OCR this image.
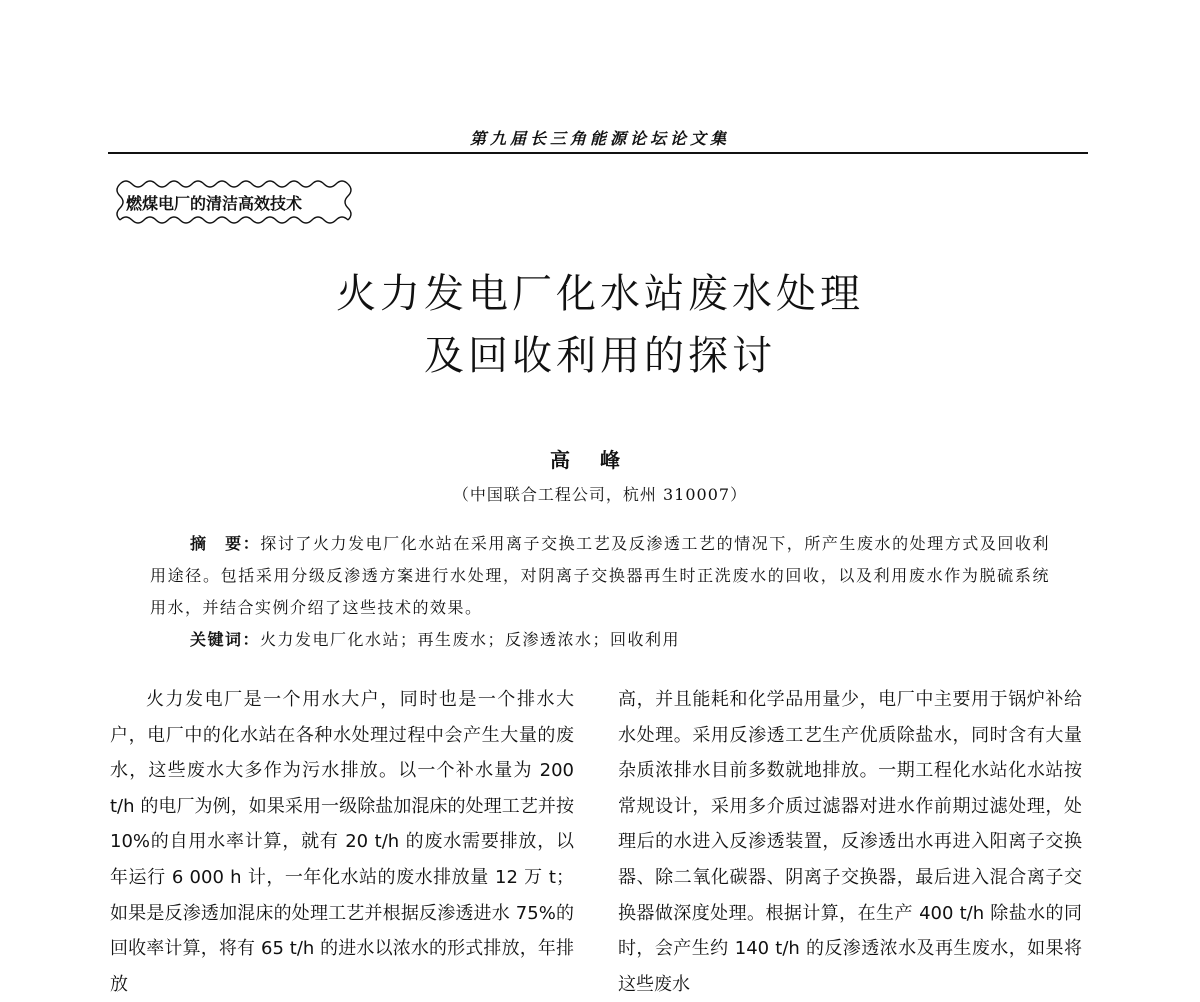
第九届长三角能源论坛论文集
燃煤电厂的清洁高效技术
火力发电厂化水站废水处理
及回收利用的探讨
高峰
（中国联合工程公司，杭州 310007）
摘　要：探讨了火力发电厂化水站在采用离子交换工艺及反渗透工艺的情况下，所产生废水的处理方式及回收利用途径。包括采用分级反渗透方案进行水处理，对阴离子交换器再生时正洗废水的回收，以及利用废水作为脱硫系统用水，并结合实例介绍了这些技术的效果。
关键词：火力发电厂化水站；再生废水；反渗透浓水；回收利用

火力发电厂是一个用水大户，同时也是一个排水大户，电厂中的化水站在各种水处理过程中会产生大量的废水，这些废水大多作为污水排放。以一个补水量为 200 t/h 的电厂为例，如果采用一级除盐加混床的处理工艺并按 10%的自用水率计算，就有 20 t/h 的废水需要排放，以年运行 6 000 h 计，一年化水站的废水排放量 12 万 t；如果是反渗透加混床的处理工艺并根据反渗透进水 75%的回收率计算，将有 65 t/h 的进水以浓水的形式排放，年排放

高，并且能耗和化学品用量少，电厂中主要用于锅炉补给水处理。采用反渗透工艺生产优质除盐水，同时含有大量杂质浓排水目前多数就地排放。一期工程化水站化水站按常规设计，采用多介质过滤器对进水作前期过滤处理，处理后的水进入反渗透装置，反渗透出水再进入阳离子交换器、除二氧化碳器、阴离子交换器，最后进入混合离子交换器做深度处理。根据计算，在生产 400 t/h 除盐水的同时，会产生约 140 t/h 的反渗透浓水及再生废水，如果将这些废水
